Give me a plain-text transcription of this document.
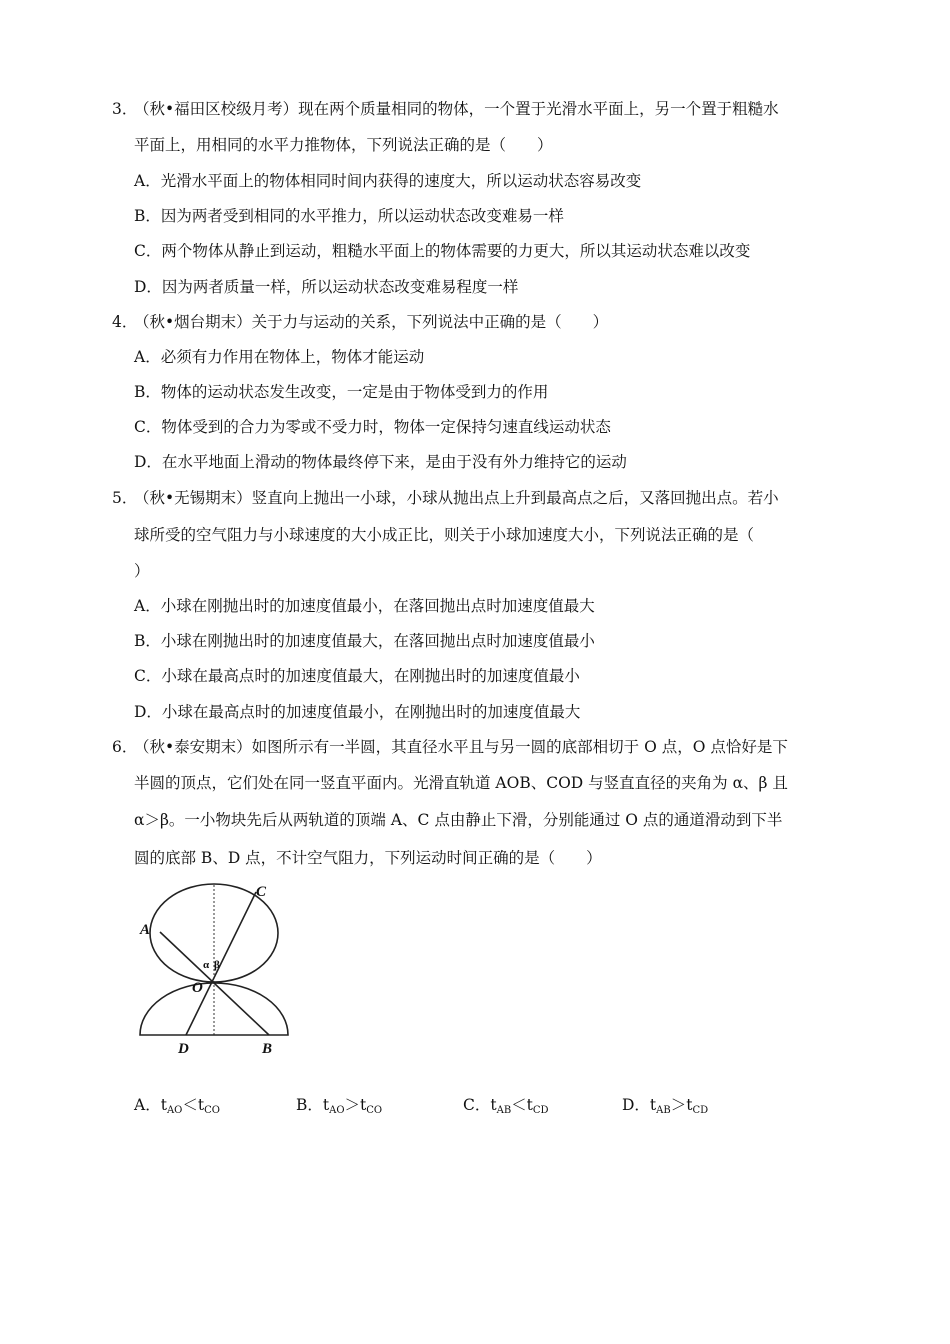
3．
（秋•福田区校级月考）现在两个质量相同的物体，一个置于光滑水平面上，另一个置于粗糙水
平面上，用相同的水平力推物体，下列说法正确的是（　　）
A．光滑水平面上的物体相同时间内获得的速度大，所以运动状态容易改变
B．因为两者受到相同的水平推力，所以运动状态改变难易一样
C．两个物体从静止到运动，粗糙水平面上的物体需要的力更大，所以其运动状态难以改变
D．因为两者质量一样，所以运动状态改变难易程度一样
4．
（秋•烟台期末）关于力与运动的关系，下列说法中正确的是（　　）
A．必须有力作用在物体上，物体才能运动
B．物体的运动状态发生改变，一定是由于物体受到力的作用
C．物体受到的合力为零或不受力时，物体一定保持匀速直线运动状态
D．在水平地面上滑动的物体最终停下来，是由于没有外力维持它的运动
5．
（秋•无锡期末）竖直向上抛出一小球，小球从抛出点上升到最高点之后，又落回抛出点。若小
球所受的空气阻力与小球速度的大小成正比，则关于小球加速度大小，下列说法正确的是（
）
A．小球在刚抛出时的加速度值最小，在落回抛出点时加速度值最大
B．小球在刚抛出时的加速度值最大，在落回抛出点时加速度值最小
C．小球在最高点时的加速度值最大，在刚抛出时的加速度值最小
D．小球在最高点时的加速度值最小，在刚抛出时的加速度值最大
6．
（秋•泰安期末）如图所示有一半圆，其直径水平且与另一圆的底部相切于 O 点，O 点恰好是下
半圆的顶点，它们处在同一竖直平面内。光滑直轨道 AOB、COD 与竖直直径的夹角为 α、β 且
α＞β。一小物块先后从两轨道的顶端 A、C 点由静止下滑，分别能通过 O 点的通道滑动到下半
圆的底部 B、D 点，不计空气阻力，下列运动时间正确的是（　　）
A
C
O
α β
D	B
A．$t_{AO}<t_{CO}$	B．$t_{AO}>t_{CO}$	C．$t_{AB}<t_{CD}$	D．$t_{AB}>t_{CD}$
